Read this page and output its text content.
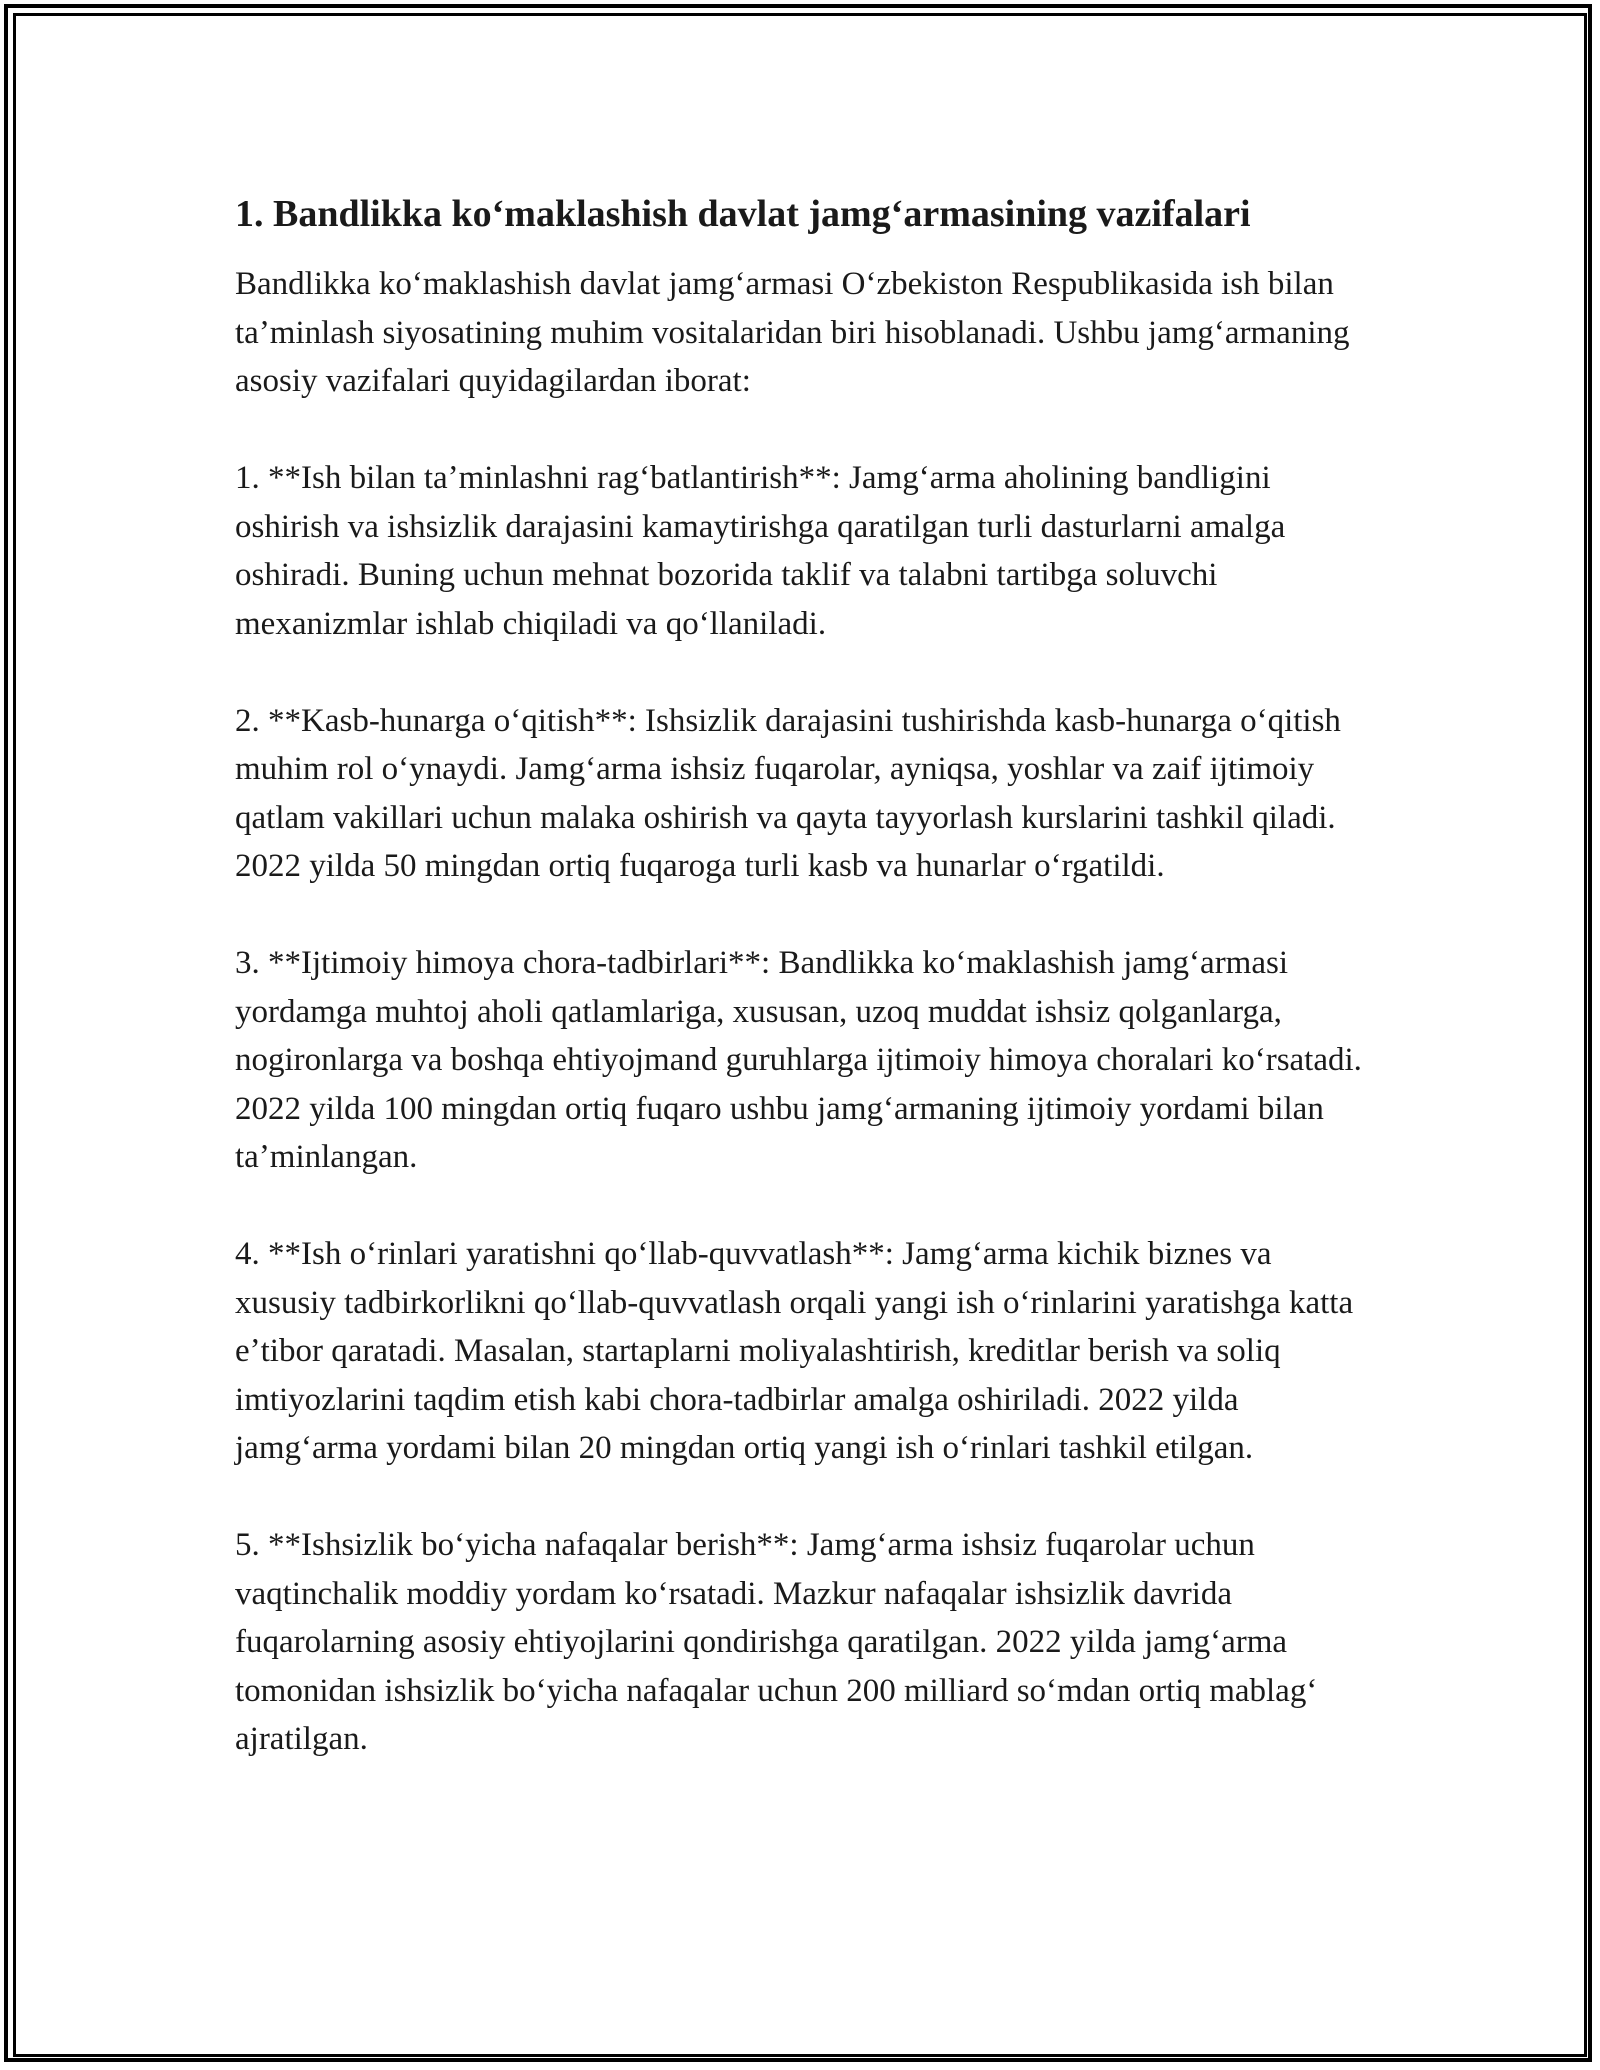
1. Bandlikka koʻmaklashish davlat jamgʻarmasining vazifalari

Bandlikka koʻmaklashish davlat jamgʻarmasi Oʻzbekiston Respublikasida ish bilan taʼminlash siyosatining muhim vositalaridan biri hisoblanadi. Ushbu jamgʻarmaning asosiy vazifalari quyidagilardan iborat:

1. **Ish bilan taʼminlashni ragʻbatlantirish**: Jamgʻarma aholining bandligini oshirish va ishsizlik darajasini kamaytirishga qaratilgan turli dasturlarni amalga oshiradi. Buning uchun mehnat bozorida taklif va talabni tartibga soluvchi mexanizmlar ishlab chiqiladi va qoʻllaniladi.

2. **Kasb-hunarga oʻqitish**: Ishsizlik darajasini tushirishda kasb-hunarga oʻqitish muhim rol oʻynaydi. Jamgʻarma ishsiz fuqarolar, ayniqsa, yoshlar va zaif ijtimoiy qatlam vakillari uchun malaka oshirish va qayta tayyorlash kurslarini tashkil qiladi. 2022 yilda 50 mingdan ortiq fuqaroga turli kasb va hunarlar oʻrgatildi.

3. **Ijtimoiy himoya chora-tadbirlari**: Bandlikka koʻmaklashish jamgʻarmasi yordamga muhtoj aholi qatlamlariga, xususan, uzoq muddat ishsiz qolganlarga, nogironlarga va boshqa ehtiyojmand guruhlarga ijtimoiy himoya choralari koʻrsatadi. 2022 yilda 100 mingdan ortiq fuqaro ushbu jamgʻarmaning ijtimoiy yordami bilan taʼminlangan.

4. **Ish oʻrinlari yaratishni qoʻllab-quvvatlash**: Jamgʻarma kichik biznes va xususiy tadbirkorlikni qoʻllab-quvvatlash orqali yangi ish oʻrinlarini yaratishga katta eʼtibor qaratadi. Masalan, startaplarni moliyalashtirish, kreditlar berish va soliq imtiyozlarini taqdim etish kabi chora-tadbirlar amalga oshiriladi. 2022 yilda jamgʻarma yordami bilan 20 mingdan ortiq yangi ish oʻrinlari tashkil etilgan.

5. **Ishsizlik boʻyicha nafaqalar berish**: Jamgʻarma ishsiz fuqarolar uchun vaqtinchalik moddiy yordam koʻrsatadi. Mazkur nafaqalar ishsizlik davrida fuqarolarning asosiy ehtiyojlarini qondirishga qaratilgan. 2022 yilda jamgʻarma tomonidan ishsizlik boʻyicha nafaqalar uchun 200 milliard soʻmdan ortiq mablagʻ ajratilgan.
